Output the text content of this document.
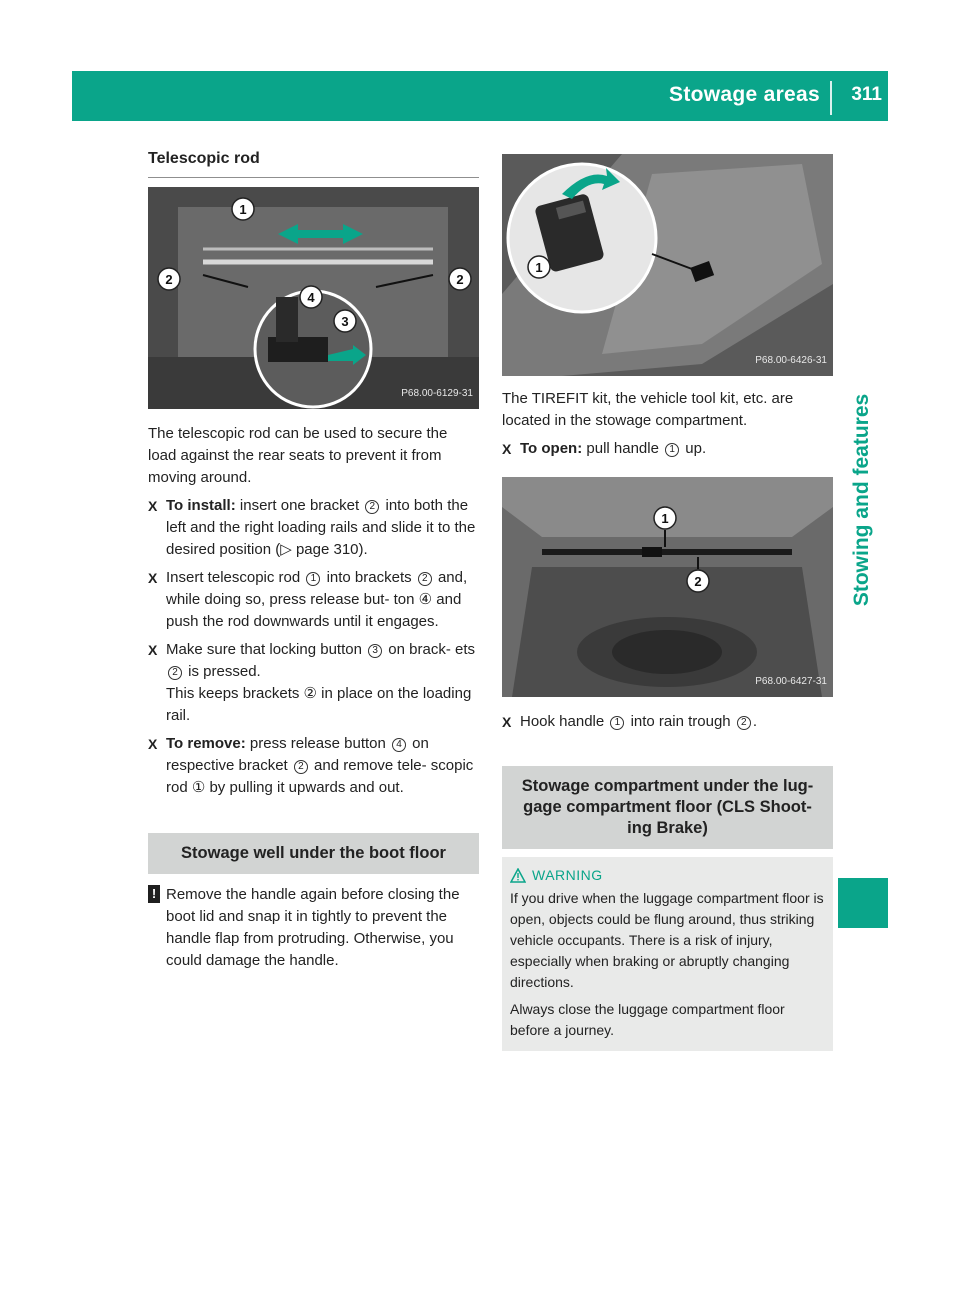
Stowage areas 311
Stowing and features
Telescopic rod
1
2	2
4
3
P68.00-6129-31

The telescopic rod can be used to secure the load against the rear seats to prevent it from moving around.

X To install: insert one bracket 2 into both the left and the right loading rails and slide it to the desired position (▷ page 310).
X Insert telescopic rod 1 into brackets 2 and, while doing so, press release but‑ ton ④ and push the rod downwards until it engages.
X Make sure that locking button 3 on brack‑ ets 2 is pressed.
This keeps brackets ② in place on the loading rail.
X To remove: press release button 4 on respective bracket 2 and remove tele‑ scopic rod ① by pulling it upwards and out.
Stowage well under the boot floor
! Remove the handle again before closing the boot lid and snap it in tightly to prevent the handle flap from protruding. Otherwise, you could damage the handle.
1
P68.00-6426-31

The TIREFIT kit, the vehicle tool kit, etc. are located in the stowage compartment.

X To open: pull handle 1 up.
1
2
P68.00-6427-31
X Hook handle 1 into rain trough 2 .
Stowage compartment under the lug‑ gage compartment floor (CLS Shoot‑ ing Brake)
WARNING

If you drive when the luggage compartment floor is open, objects could be flung around, thus striking vehicle occupants. There is a risk of injury, especially when braking or abruptly changing directions.

Always close the luggage compartment floor before a journey.
